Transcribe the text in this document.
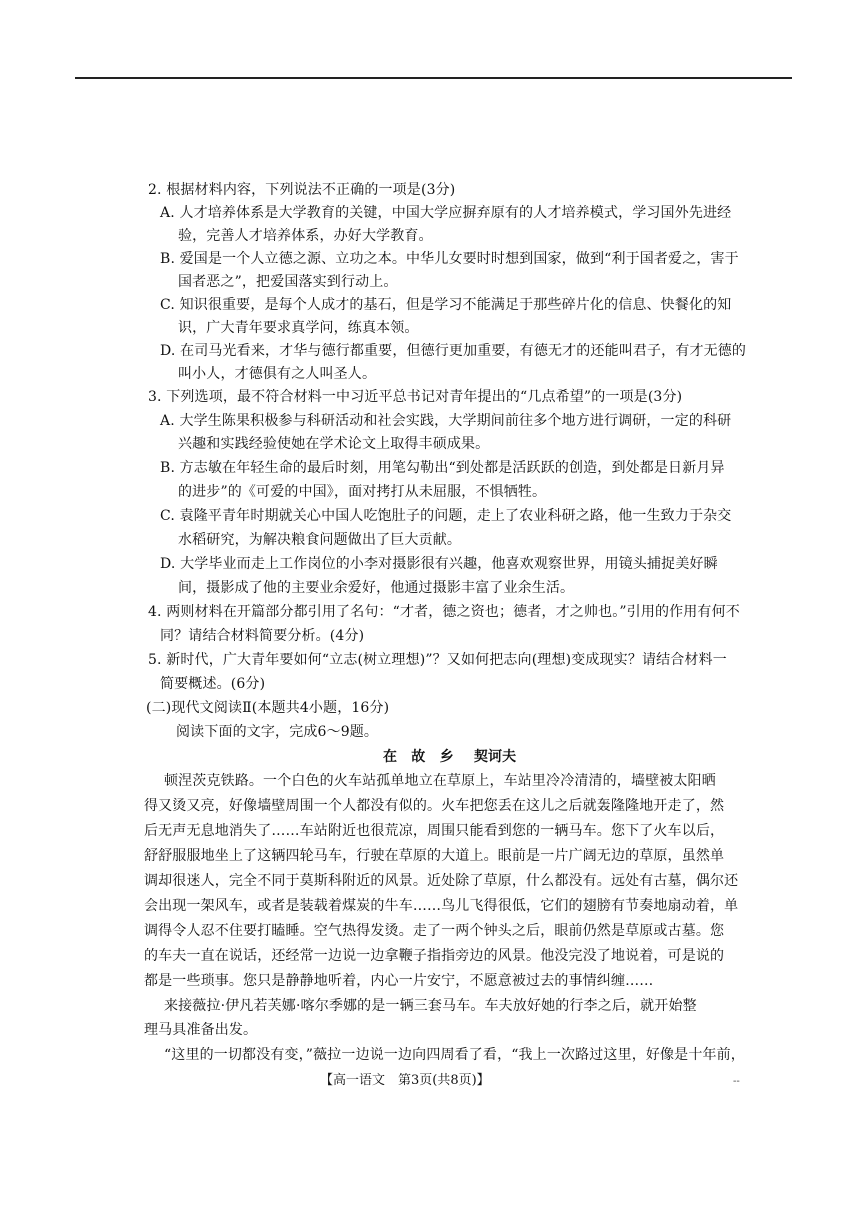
2. 根据材料内容，下列说法不正确的一项是(3分)
A. 人才培养体系是大学教育的关键，中国大学应摒弃原有的人才培养模式，学习国外先进经
验，完善人才培养体系，办好大学教育。
B. 爱国是一个人立德之源、立功之本。中华儿女要时时想到国家，做到“利于国者爱之，害于
国者恶之”，把爱国落实到行动上。
C. 知识很重要，是每个人成才的基石，但是学习不能满足于那些碎片化的信息、快餐化的知
识，广大青年要求真学问，练真本领。
D. 在司马光看来，才华与德行都重要，但德行更加重要，有德无才的还能叫君子，有才无德的
叫小人，才德俱有之人叫圣人。
3. 下列选项，最不符合材料一中习近平总书记对青年提出的“几点希望”的一项是(3分)
A. 大学生陈果积极参与科研活动和社会实践，大学期间前往多个地方进行调研，一定的科研
兴趣和实践经验使她在学术论文上取得丰硕成果。
B. 方志敏在年轻生命的最后时刻，用笔勾勒出“到处都是活跃跃的创造，到处都是日新月异
的进步”的《可爱的中国》，面对拷打从未屈服，不惧牺牲。
C. 袁隆平青年时期就关心中国人吃饱肚子的问题，走上了农业科研之路，他一生致力于杂交
水稻研究，为解决粮食问题做出了巨大贡献。
D. 大学毕业而走上工作岗位的小李对摄影很有兴趣，他喜欢观察世界，用镜头捕捉美好瞬
间，摄影成了他的主要业余爱好，他通过摄影丰富了业余生活。
4. 两则材料在开篇部分都引用了名句：“才者，德之资也；德者，才之帅也。”引用的作用有何不
同？请结合材料简要分析。(4分)
5. 新时代，广大青年要如何“立志(树立理想)”？又如何把志向(理想)变成现实？请结合材料一
简要概述。(6分)
(二)现代文阅读Ⅱ(本题共4小题，16分)
阅读下面的文字，完成6～9题。
在　故　乡 契诃夫
顿涅茨克铁路。一个白色的火车站孤单地立在草原上，车站里冷冷清清的，墙壁被太阳晒
得又烫又亮，好像墙壁周围一个人都没有似的。火车把您丢在这儿之后就轰隆隆地开走了，然
后无声无息地消失了……车站附近也很荒凉，周围只能看到您的一辆马车。您下了火车以后，
舒舒服服地坐上了这辆四轮马车，行驶在草原的大道上。眼前是一片广阔无边的草原，虽然单
调却很迷人，完全不同于莫斯科附近的风景。近处除了草原，什么都没有。远处有古墓，偶尔还
会出现一架风车，或者是装载着煤炭的牛车……鸟儿飞得很低，它们的翅膀有节奏地扇动着，单
调得令人忍不住要打瞌睡。空气热得发烫。走了一两个钟头之后，眼前仍然是草原或古墓。您
的车夫一直在说话，还经常一边说一边拿鞭子指指旁边的风景。他没完没了地说着，可是说的
都是一些琐事。您只是静静地听着，内心一片安宁，不愿意被过去的事情纠缠……
来接薇拉·伊凡若芙娜·喀尔季娜的是一辆三套马车。车夫放好她的行李之后，就开始整
理马具准备出发。
“这里的一切都没有变，”薇拉一边说一边向四周看了看，“我上一次路过这里，好像是十年前，
【高一语文　第3页(共8页)】	--
